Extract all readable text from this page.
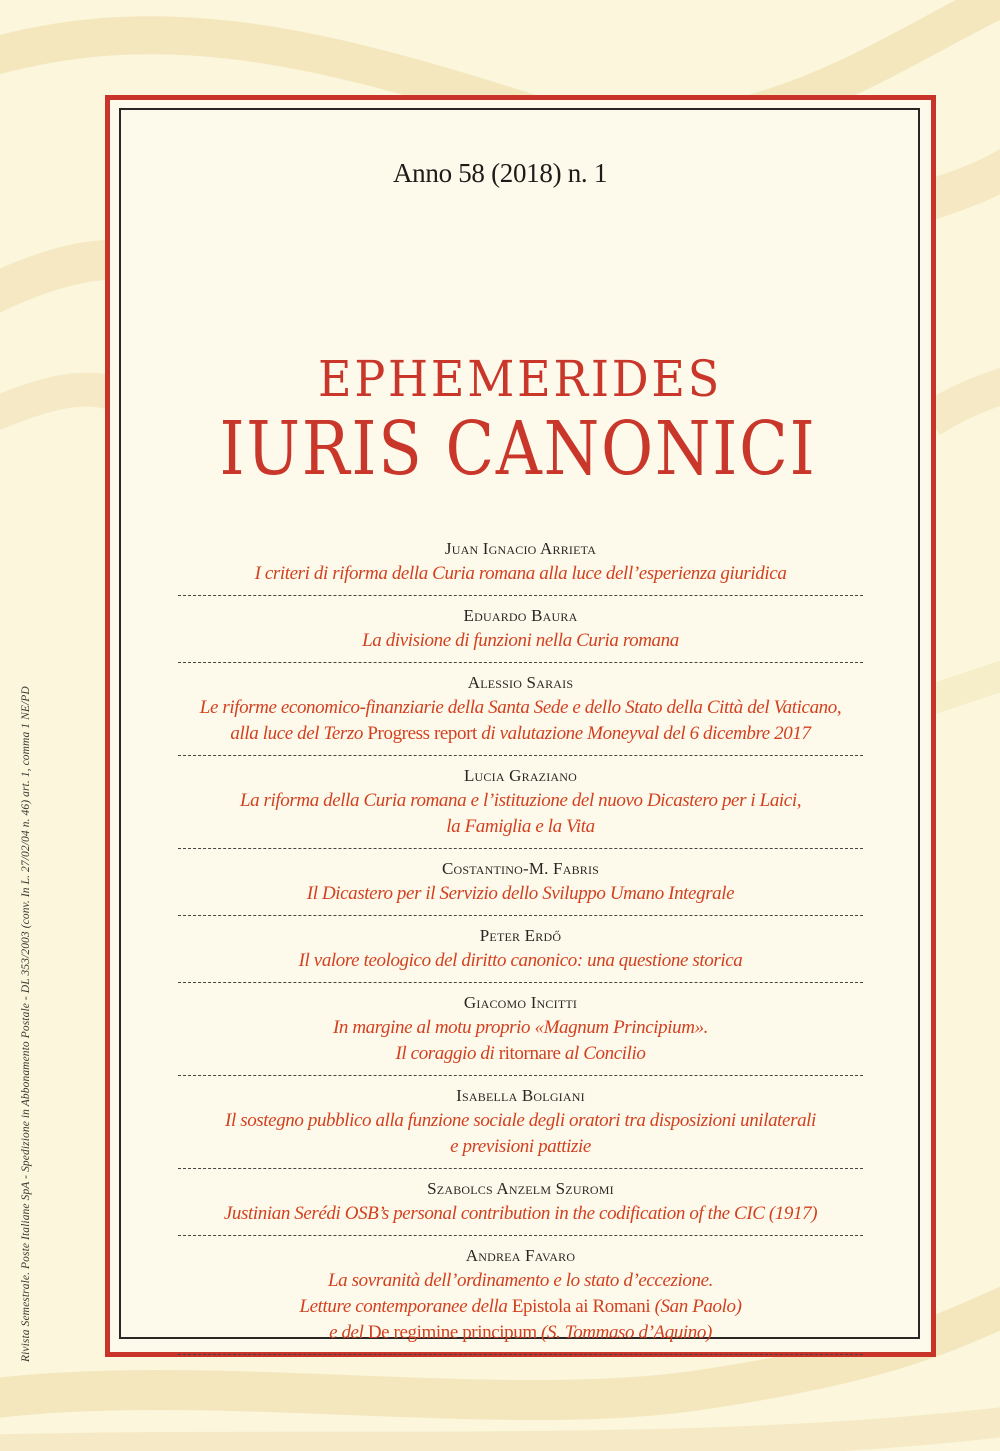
Rivista Semestrale. Poste Italiane SpA - Spedizione in Abbonamento Postale - DL 353/2003 (conv. In L. 27/02/04 n. 46) art. 1, comma 1 NE/PD
Anno 58 (2018) n. 1
EPHEMERIDES
IURIS CANONICI
Juan Ignacio Arrieta
I criteri di riforma della Curia romana alla luce dell’esperienza giuridica
Eduardo Baura
La divisione di funzioni nella Curia romana
Alessio Sarais
Le riforme economico-finanziarie della Santa Sede e dello Stato della Città del Vaticano,
alla luce del Terzo Progress report di valutazione Moneyval del 6 dicembre 2017
Lucia Graziano
La riforma della Curia romana e l’istituzione del nuovo Dicastero per i Laici,
la Famiglia e la Vita
Costantino-M. Fabris
Il Dicastero per il Servizio dello Sviluppo Umano Integrale
Peter Erdő
Il valore teologico del diritto canonico: una questione storica
Giacomo Incitti
In margine al motu proprio «Magnum Principium».
Il coraggio di ritornare al Concilio
Isabella Bolgiani
Il sostegno pubblico alla funzione sociale degli oratori tra disposizioni unilaterali
e previsioni pattizie
Szabolcs Anzelm Szuromi
Justinian Serédi OSB’s personal contribution in the codification of the CIC (1917)
Andrea Favaro
La sovranità dell’ordinamento e lo stato d’eccezione.
Letture contemporanee della Epistola ai Romani (San Paolo)
e del De regimine principum (S. Tommaso d’Aquino)
